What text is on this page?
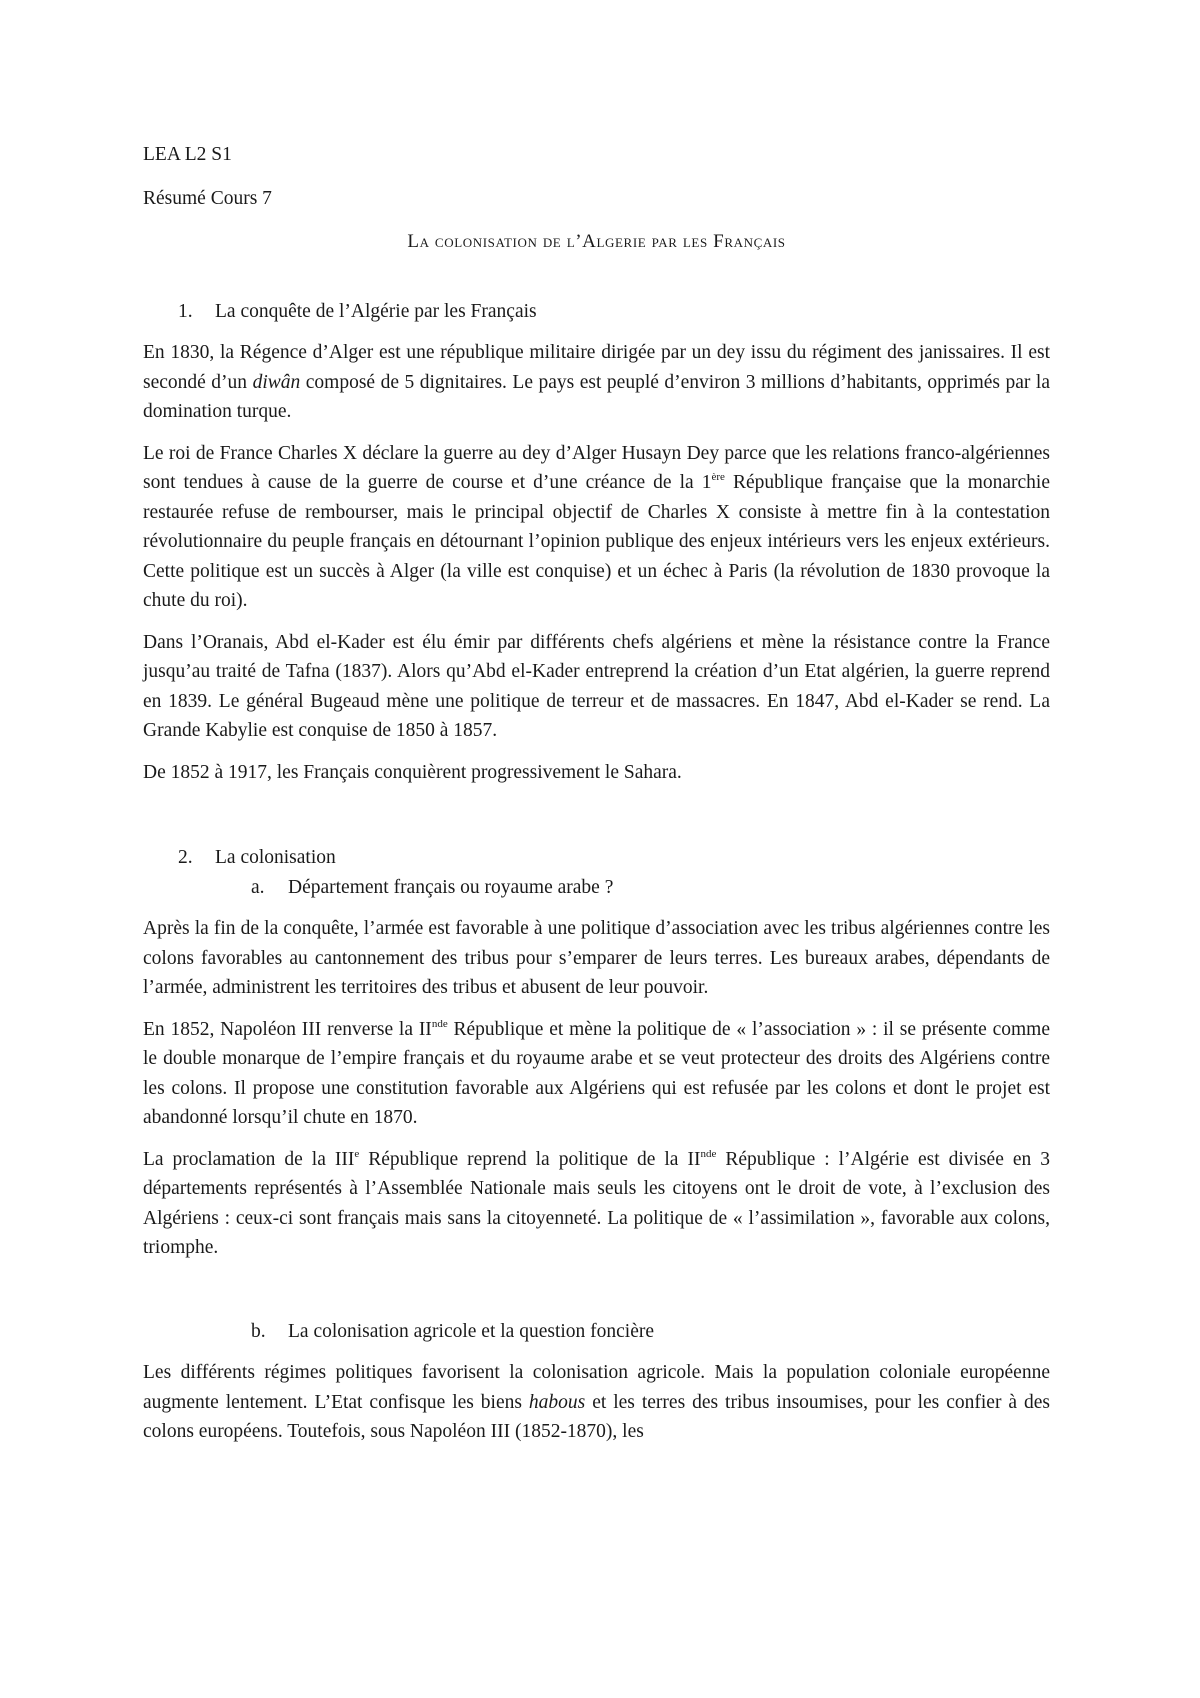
LEA L2 S1

Résumé Cours 7

La colonisation de l’Algerie par les Français
1.	La conquête de l’Algérie par les Français

En 1830, la Régence d’Alger est une république militaire dirigée par un dey issu du régiment des janissaires. Il est secondé d’un diwân composé de 5 dignitaires. Le pays est peuplé d’environ 3 millions d’habitants, opprimés par la domination turque.

Le roi de France Charles X déclare la guerre au dey d’Alger Husayn Dey parce que les relations franco-algériennes sont tendues à cause de la guerre de course et d’une créance de la 1ère République française que la monarchie restaurée refuse de rembourser, mais le principal objectif de Charles X consiste à mettre fin à la contestation révolutionnaire du peuple français en détournant l’opinion publique des enjeux intérieurs vers les enjeux extérieurs. Cette politique est un succès à Alger (la ville est conquise) et un échec à Paris (la révolution de 1830 provoque la chute du roi).

Dans l’Oranais, Abd el-Kader est élu émir par différents chefs algériens et mène la résistance contre la France jusqu’au traité de Tafna (1837). Alors qu’Abd el-Kader entreprend la création d’un Etat algérien, la guerre reprend en 1839. Le général Bugeaud mène une politique de terreur et de massacres. En 1847, Abd el-Kader se rend. La Grande Kabylie est conquise de 1850 à 1857.

De 1852 à 1917, les Français conquièrent progressivement le Sahara.

2.	La colonisation
a.	Département français ou royaume arabe ?

Après la fin de la conquête, l’armée est favorable à une politique d’association avec les tribus algériennes contre les colons favorables au cantonnement des tribus pour s’emparer de leurs terres. Les bureaux arabes, dépendants de l’armée, administrent les territoires des tribus et abusent de leur pouvoir.

En 1852, Napoléon III renverse la IInde République et mène la politique de « l’association » : il se présente comme le double monarque de l’empire français et du royaume arabe et se veut protecteur des droits des Algériens contre les colons. Il propose une constitution favorable aux Algériens qui est refusée par les colons et dont le projet est abandonné lorsqu’il chute en 1870.

La proclamation de la IIIe République reprend la politique de la IInde République : l’Algérie est divisée en 3 départements représentés à l’Assemblée Nationale mais seuls les citoyens ont le droit de vote, à l’exclusion des Algériens : ceux-ci sont français mais sans la citoyenneté. La politique de « l’assimilation », favorable aux colons, triomphe.

b.	La colonisation agricole et la question foncière

Les différents régimes politiques favorisent la colonisation agricole. Mais la population coloniale européenne augmente lentement. L’Etat confisque les biens habous et les terres des tribus insoumises, pour les confier à des colons européens. Toutefois, sous Napoléon III (1852-1870), les
